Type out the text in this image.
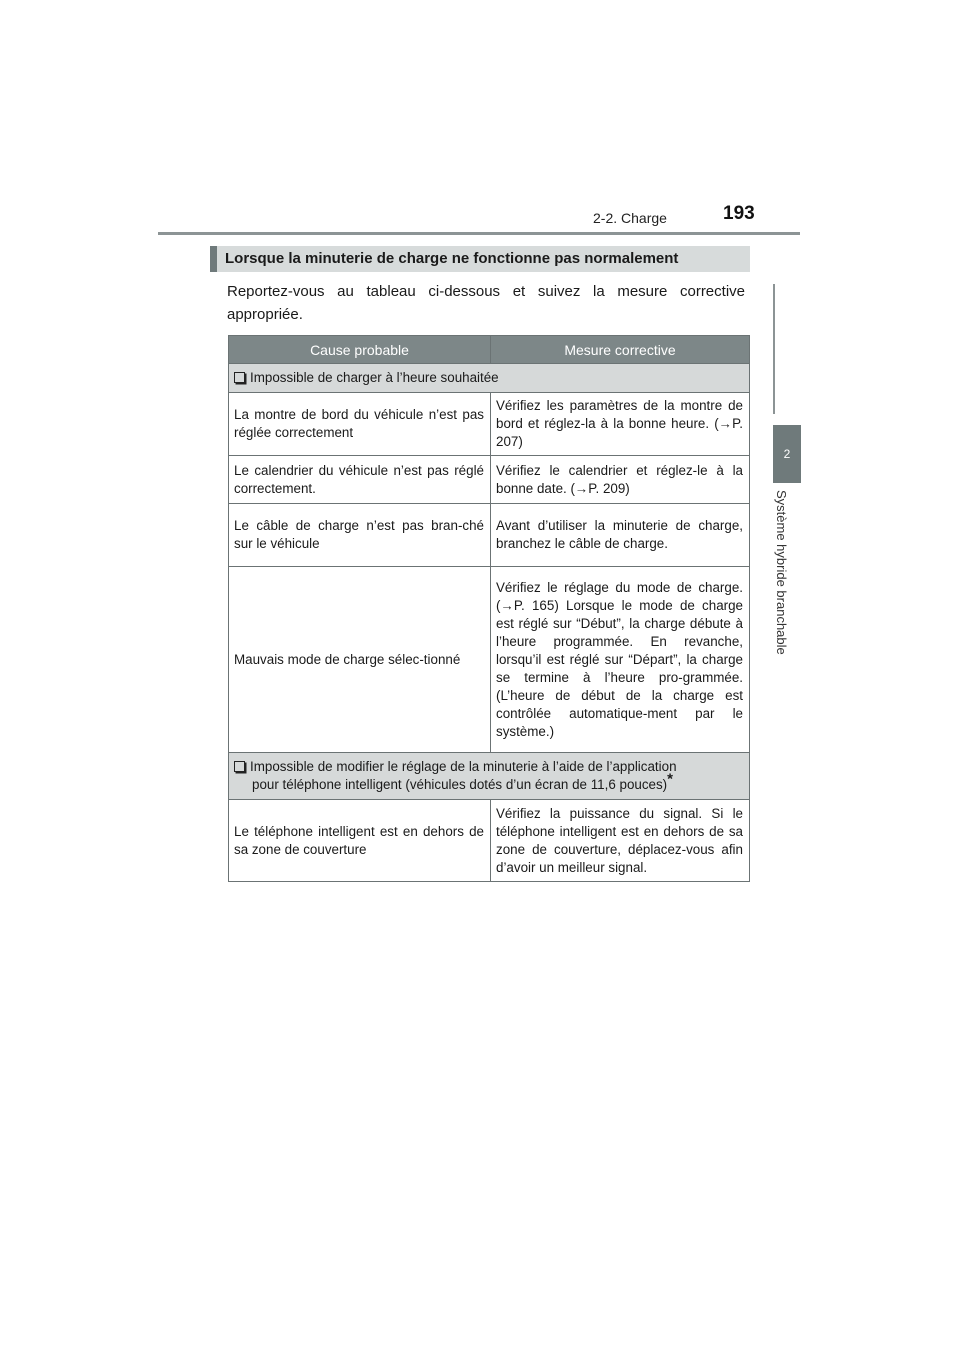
2-2. Charge	193
2
Système hybride branchable
Lorsque la minuterie de charge ne fonctionne pas normalement

Reportez-vous au tableau ci-dessous et suivez la mesure corrective appropriée.

Cause probable	Mesure corrective
Impossible de charger à l’heure souhaitée	
La montre de bord du véhicule n’est pas réglée correctement	Vérifiez les paramètres de la montre de bord et réglez-la à la bonne heure. (→P. 207)
Le calendrier du véhicule n’est pas réglé correctement.	Vérifiez le calendrier et réglez-le à la bonne date. (→P. 209)
Le câble de charge n’est pas bran-ché sur le véhicule	Avant d’utiliser la minuterie de charge, branchez le câble de charge.
Mauvais mode de charge sélec-tionné	Vérifiez le réglage du mode de charge. (→P. 165) Lorsque le mode de charge est réglé sur “Début”, la charge débute à l’heure programmée. En revanche, lorsqu’il est réglé sur “Départ”, la charge se termine à l’heure pro-grammée. (L’heure de début de la charge est contrôlée automatique-ment par le système.)
Impossible de modifier le réglage de la minuterie à l’aide de l’application
pour téléphone intelligent (véhicules dotés d’un écran de 11,6 pouces)*	

Le téléphone intelligent est en dehors de sa zone de couverture	Vérifiez la puissance du signal. Si le téléphone intelligent est en dehors de sa zone de couverture, déplacez-vous afin d’avoir un meilleur signal.
